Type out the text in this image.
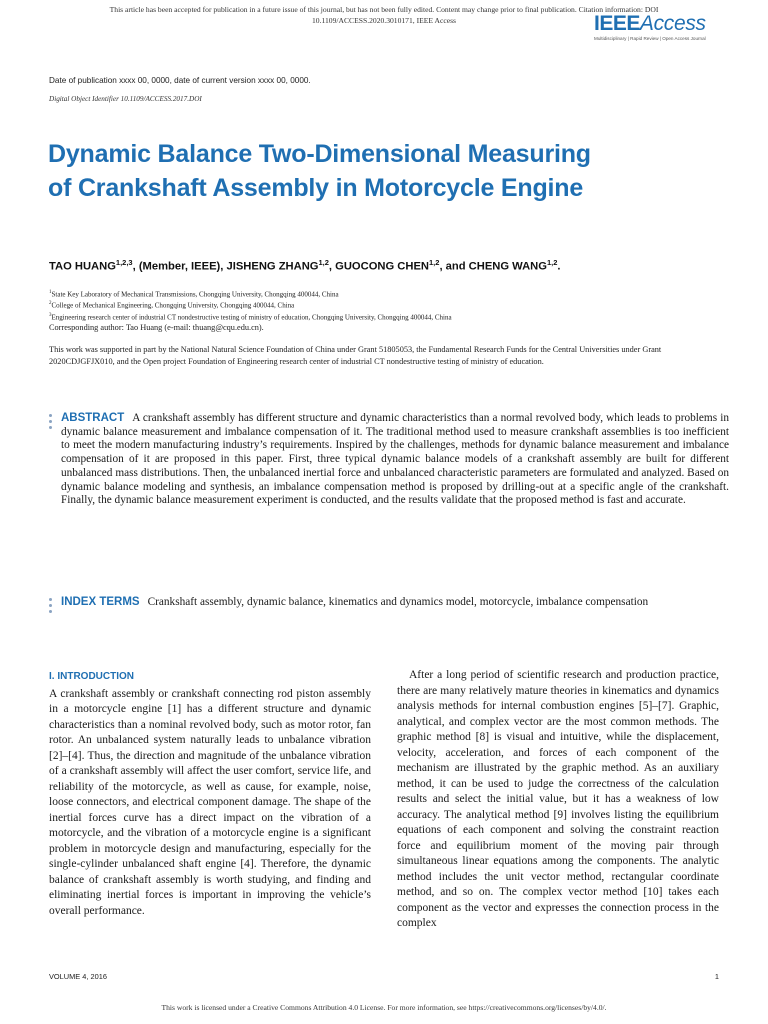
This article has been accepted for publication in a future issue of this journal, but has not been fully edited. Content may change prior to final publication. Citation information: DOI
10.1109/ACCESS.2020.3010171, IEEE Access	IEEEAccess
Multidisciplinary | Rapid Review | Open Access Journal
Date of publication xxxx 00, 0000, date of current version xxxx 00, 0000.
Digital Object Identifier 10.1109/ACCESS.2017.DOI
Dynamic Balance Two-Dimensional Measuring of Crankshaft Assembly in Motorcycle Engine
TAO HUANG$^{1,2,3}$, (Member, IEEE), JISHENG ZHANG$^{1,2}$, GUOCONG CHEN$^{1,2}$, and CHENG WANG$^{1,2}$.
$^1$State Key Laboratory of Mechanical Transmissions, Chongqing University, Chongqing 400044, China
$^2$College of Mechanical Engineering, Chongqing University, Chongqing 400044, China
$^3$Engineering research center of industrial CT nondestructive testing of ministry of education, Chongqing University, Chongqing 400044, China
Corresponding author: Tao Huang (e-mail: thuang@cqu.edu.cn).
This work was supported in part by the National Natural Science Foundation of China under Grant 51805053, the Fundamental Research Funds for the Central Universities under Grant 2020CDJGFJX010, and the Open project Foundation of Engineering research center of industrial CT nondestructive testing of ministry of education.
ABSTRACT A crankshaft assembly has different structure and dynamic characteristics than a normal revolved body, which leads to problems in dynamic balance measurement and imbalance compensation of it. The traditional method used to measure crankshaft assemblies is too inefficient to meet the modern manufacturing industry’s requirements. Inspired by the challenges, methods for dynamic balance measurement and imbalance compensation of it are proposed in this paper. First, three typical dynamic balance models of a crankshaft assembly are built for different unbalanced mass distributions. Then, the unbalanced inertial force and unbalanced characteristic parameters are formulated and analyzed. Based on dynamic balance modeling and synthesis, an imbalance compensation method is proposed by drilling-out at a specific angle of the crankshaft. Finally, the dynamic balance measurement experiment is conducted, and the results validate that the proposed method is fast and accurate.
INDEX TERMS Crankshaft assembly, dynamic balance, kinematics and dynamics model, motorcycle, imbalance compensation
I. INTRODUCTION

A crankshaft assembly or crankshaft connecting rod piston assembly in a motorcycle engine [1] has a different structure and dynamic characteristics than a nominal revolved body, such as motor rotor, fan rotor. An unbalanced system naturally leads to unbalance vibration [2]–[4]. Thus, the direction and magnitude of the unbalance vibration of a crankshaft assembly will affect the user comfort, service life, and reliability of the motorcycle, as well as cause, for example, noise, loose connectors, and electrical component damage. The shape of the inertial forces curve has a direct impact on the vibration of a motorcycle, and the vibration of a motorcycle engine is a significant problem in motorcycle design and manufacturing, especially for the single-cylinder unbalanced shaft engine [4]. Therefore, the dynamic balance of crankshaft assembly is worth studying, and finding and eliminating inertial forces is important in improving the vehicle’s overall performance.

After a long period of scientific research and production practice, there are many relatively mature theories in kinematics and dynamics analysis methods for internal combustion engines [5]–[7]. Graphic, analytical, and complex vector are the most common methods. The graphic method [8] is visual and intuitive, while the displacement, velocity, acceleration, and forces of each component of the mechanism are illustrated by the graphic method. As an auxiliary method, it can be used to judge the correctness of the calculation results and select the initial value, but it has a weakness of low accuracy. The analytical method [9] involves listing the equilibrium equations of each component and solving the constraint reaction force and equilibrium moment of the moving pair through simultaneous linear equations among the components. The analytic method includes the unit vector method, rectangular coordinate method, and so on. The complex vector method [10] takes each component as the vector and expresses the connection process in the complex

VOLUME 4, 2016	1
This work is licensed under a Creative Commons Attribution 4.0 License. For more information, see https://creativecommons.org/licenses/by/4.0/.
